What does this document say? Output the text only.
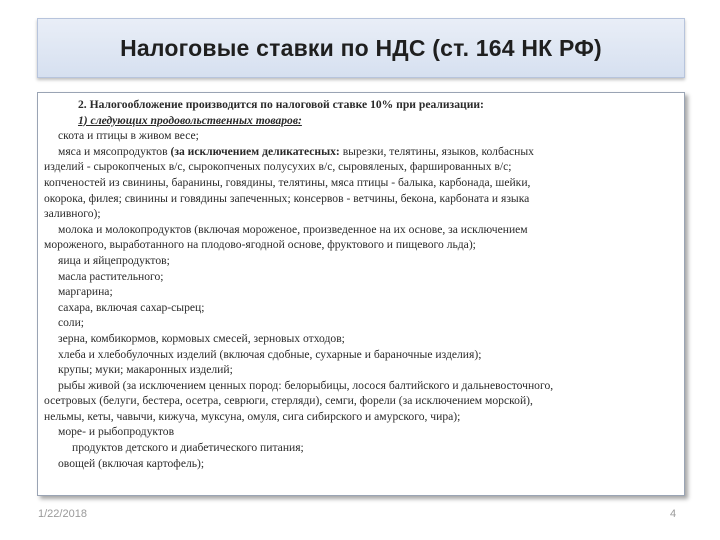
Налоговые ставки по НДС (ст. 164 НК РФ)
2. Налогообложение производится по налоговой ставке 10% при реализации:
1) следующих продовольственных товаров:
скота и птицы в живом весе;
мяса и мясопродуктов (за исключением деликатесных: вырезки, телятины, языков, колбасных
изделий - сырокопченых в/с, сырокопченых полусухих в/с, сыровяленых, фаршированных в/с;
копченостей из свинины, баранины, говядины, телятины, мяса птицы - балыка, карбонада, шейки,
окорока, филея; свинины и говядины запеченных; консервов - ветчины, бекона, карбоната и языка
заливного);
молока и молокопродуктов (включая мороженое, произведенное на их основе, за исключением
мороженого, выработанного на плодово-ягодной основе, фруктового и пищевого льда);
яица и яйцепродуктов;
масла растительного;
маргарина;
сахара, включая сахар-сырец;
соли;
зерна, комбикормов, кормовых смесей, зерновых отходов;
хлеба и хлебобулочных изделий (включая сдобные, сухарные и бараночные изделия);
крупы; муки; макаронных изделий;
рыбы живой (за исключением ценных пород: белорыбицы, лосося балтийского и дальневосточного,
осетровых (белуги, бестера, осетра, севрюги, стерляди), семги, форели (за исключением морской),
нельмы, кеты, чавычи, кижуча, муксуна, омуля, сига сибирского и амурского, чира);
море- и рыбопродуктов
продуктов детского и диабетического питания;
овощей (включая картофель);
1/22/2018	4
